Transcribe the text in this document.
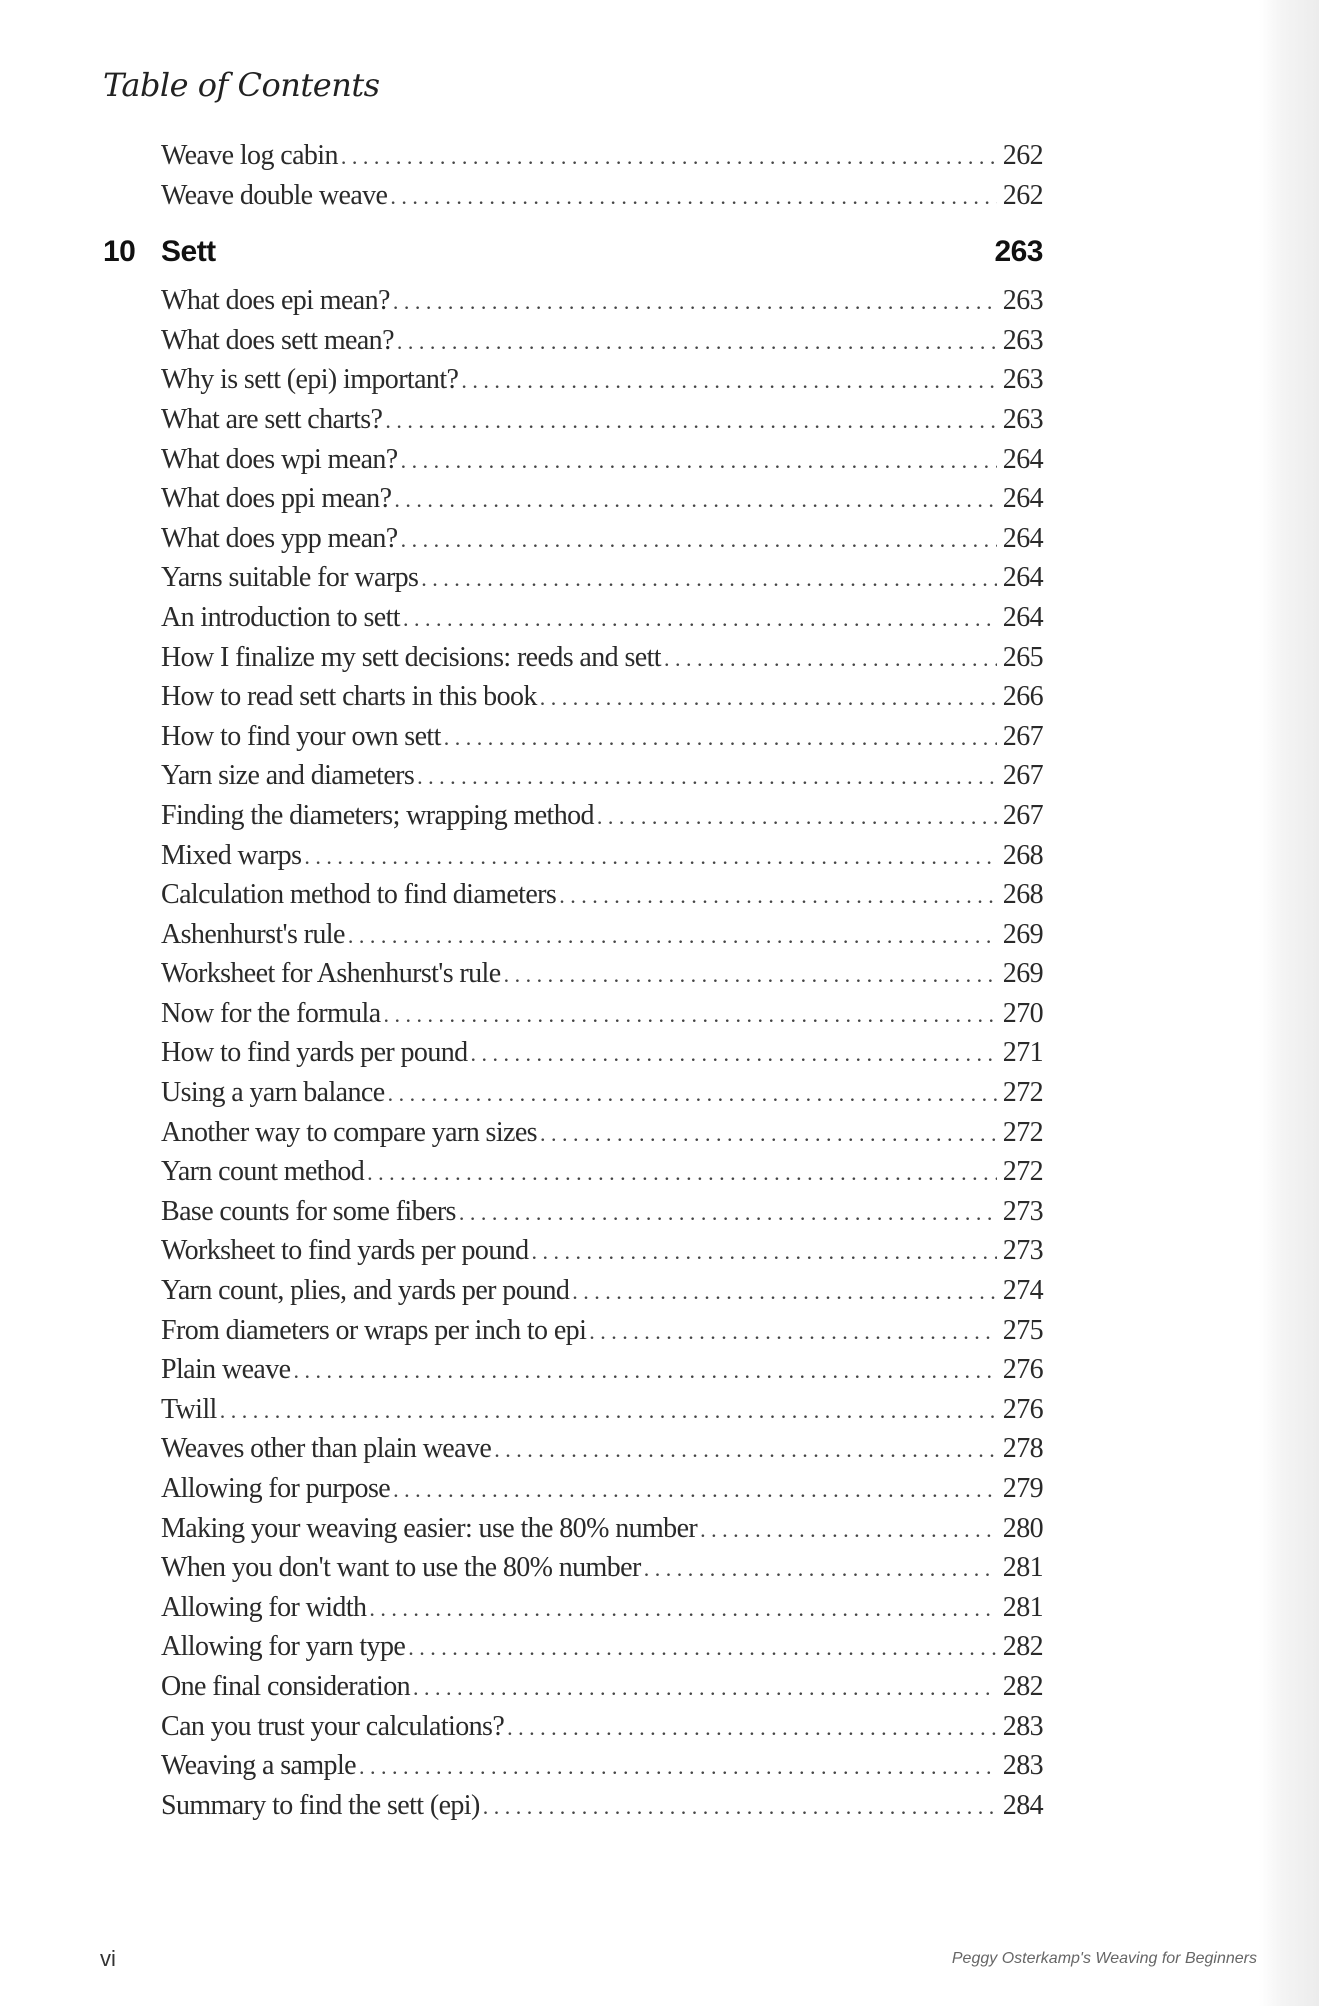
Table of Contents
Weave log cabin . . .	262
Weave double weave . . .	262
10 Sett	263
What does epi mean? . . .	263
What does sett mean? . . .	263
Why is sett (epi) important? . . .	263
What are sett charts? . . .	263
What does wpi mean? . . .	264
What does ppi mean? . . .	264
What does ypp mean? . . .	264
Yarns suitable for warps . . .	264
An introduction to sett . . .	264
How I finalize my sett decisions: reeds and sett . . .	265
How to read sett charts in this book . . .	266
How to find your own sett . . .	267
Yarn size and diameters . . .	267
Finding the diameters; wrapping method . . .	267
Mixed warps . . .	268
Calculation method to find diameters . . .	268
Ashenhurst's rule . . .	269
Worksheet for Ashenhurst's rule . . .	269
Now for the formula . . .	270
How to find yards per pound . . .	271
Using a yarn balance . . .	272
Another way to compare yarn sizes . . .	272
Yarn count method . . .	272
Base counts for some fibers . . .	273
Worksheet to find yards per pound . . .	273
Yarn count, plies, and yards per pound . . .	274
From diameters or wraps per inch to epi . . .	275
Plain weave . . .	276
Twill . . .	276
Weaves other than plain weave . . .	278
Allowing for purpose . . .	279
Making your weaving easier: use the 80% number . . .	280
When you don't want to use the 80% number . . .	281
Allowing for width . . .	281
Allowing for yarn type . . .	282
One final consideration . . .	282
Can you trust your calculations? . . .	283
Weaving a sample . . .	283
Summary to find the sett (epi) . . .	284
vi	Peggy Osterkamp's Weaving for Beginners
